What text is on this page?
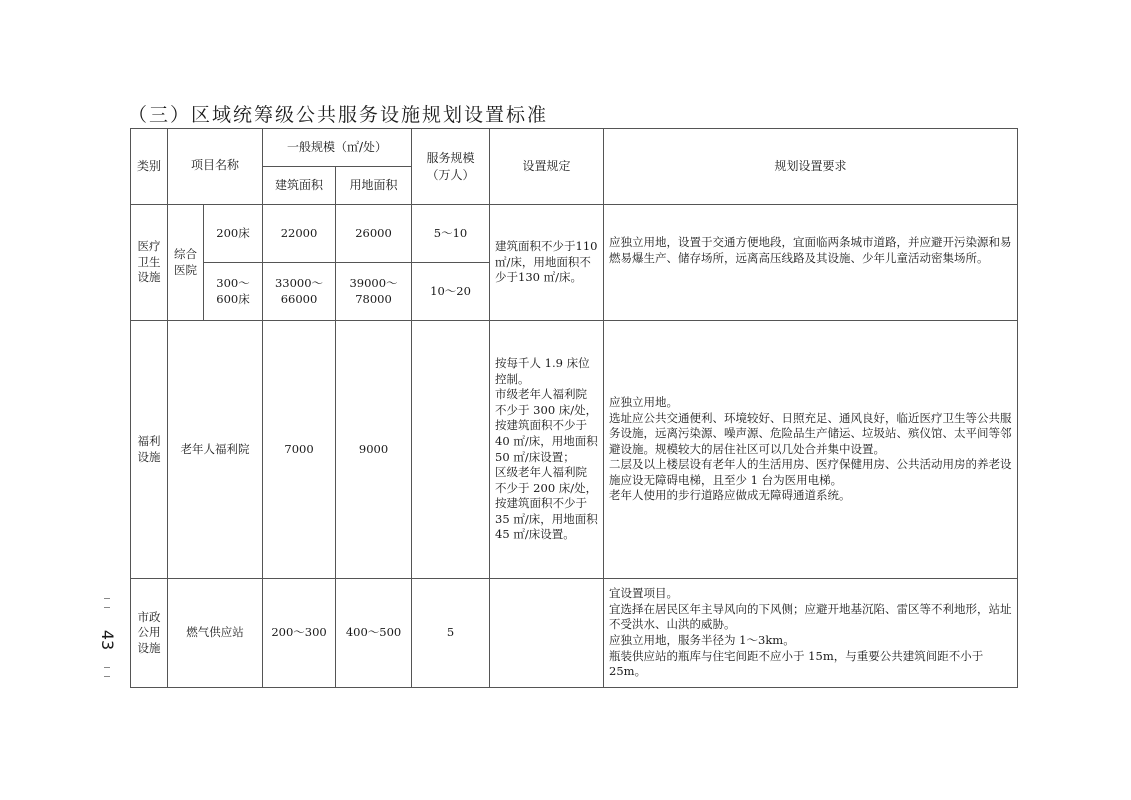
（三）区域统筹级公共服务设施规划设置标准
43
类别	项目名称		一般规模（㎡/处）		服务规模（万人）	设置规定	规划设置要求
			建筑面积	用地面积			
医疗卫生设施	综合医院	200床	22000	26000	5～10	建筑面积不少于110 ㎡/床，用地面积不少于130 ㎡/床。	应独立用地，设置于交通方便地段，宜面临两条城市道路，并应避开污染源和易燃易爆生产、储存场所，远离高压线路及其设施、少年儿童活动密集场所。
		300～600床	33000～66000	39000～78000	10～20		
福利设施	老年人福利院		7000	9000		按每千人 1.9 床位控制。
市级老年人福利院不少于 300 床/处，按建筑面积不少于 40 ㎡/床，用地面积 50 ㎡/床设置；
区级老年人福利院不少于 200 床/处，按建筑面积不少于 35 ㎡/床，用地面积 45 ㎡/床设置。	应独立用地。
选址应公共交通便利、环境较好、日照充足、通风良好，临近医疗卫生等公共服务设施，远离污染源、噪声源、危险品生产储运、垃圾站、殡仪馆、太平间等邻避设施。规模较大的居住社区可以几处合并集中设置。
二层及以上楼层设有老年人的生活用房、医疗保健用房、公共活动用房的养老设施应设无障碍电梯，且至少 1 台为医用电梯。
老年人使用的步行道路应做成无障碍通道系统。

市政公用设施	燃气供应站		200～300	400～500	5		宜设置项目。
宜选择在居民区年主导风向的下风侧；应避开地基沉陷、雷区等不利地形，站址不受洪水、山洪的威胁。
应独立用地，服务半径为 1～3km。
瓶装供应站的瓶库与住宅间距不应小于 15m，与重要公共建筑间距不小于 25m。
